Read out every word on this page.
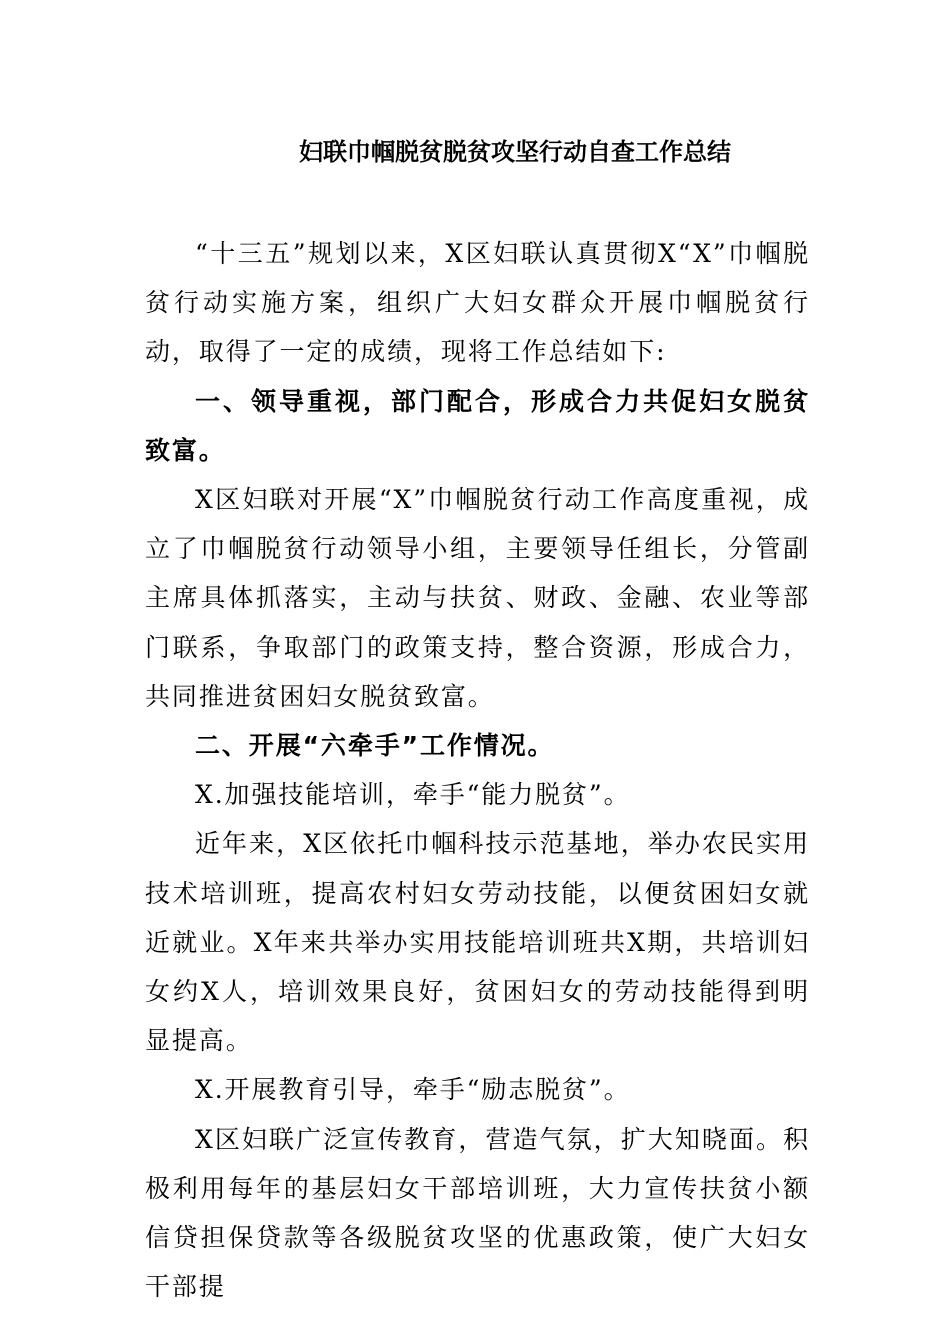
妇联巾帼脱贫脱贫攻坚行动自查工作总结

“十三五”规划以来，X区妇联认真贯彻X“X”巾帼脱贫行动实施方案，组织广大妇女群众开展巾帼脱贫行动，取得了一定的成绩，现将工作总结如下:

一、领导重视，部门配合，形成合力共促妇女脱贫致富。

X区妇联对开展“X”巾帼脱贫行动工作高度重视，成立了巾帼脱贫行动领导小组，主要领导任组长，分管副主席具体抓落实，主动与扶贫、财政、金融、农业等部门联系，争取部门的政策支持，整合资源，形成合力，共同推进贫困妇女脱贫致富。

二、开展“六牵手”工作情况。

X.加强技能培训，牵手“能力脱贫”。

近年来，X区依托巾帼科技示范基地，举办农民实用技术培训班，提高农村妇女劳动技能，以便贫困妇女就近就业。X年来共举办实用技能培训班共X期，共培训妇女约X人，培训效果良好，贫困妇女的劳动技能得到明显提高。

X.开展教育引导，牵手“励志脱贫”。

X区妇联广泛宣传教育，营造气氛，扩大知晓面。积极利用每年的基层妇女干部培训班，大力宣传扶贫小额信贷担保贷款等各级脱贫攻坚的优惠政策，使广大妇女干部提
